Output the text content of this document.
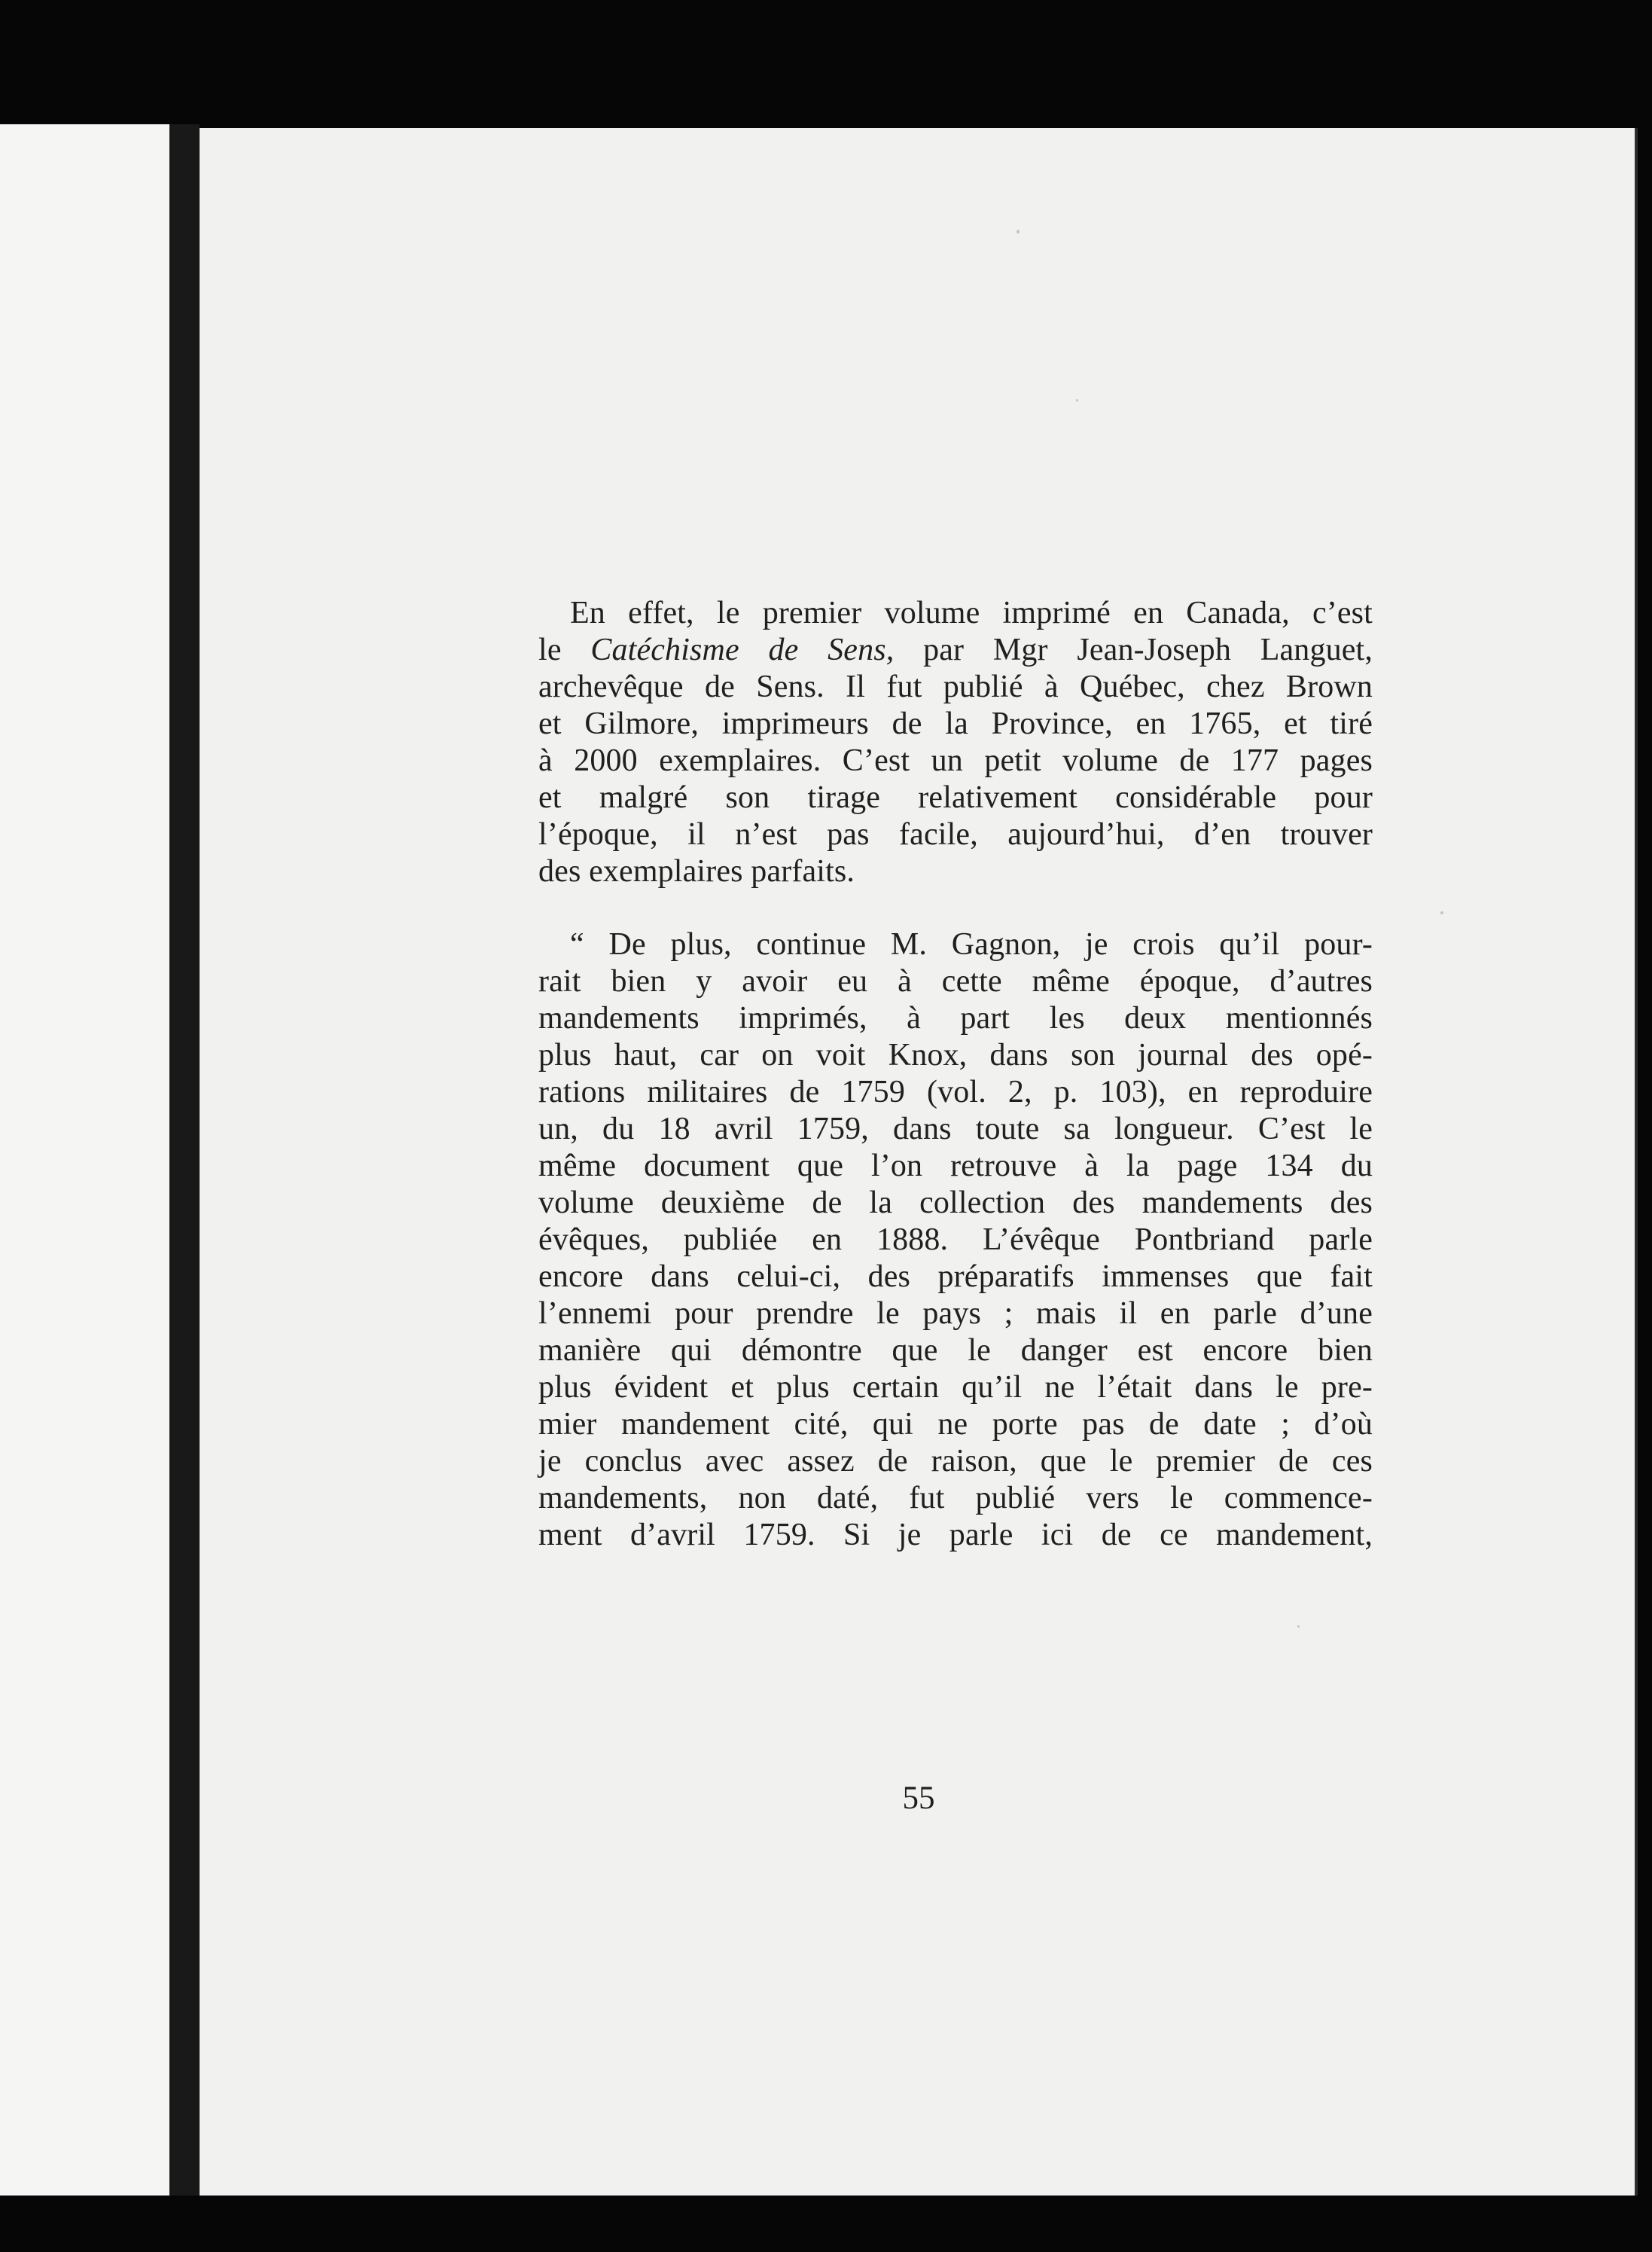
En effet, le premier volume imprimé en Canada, c’est
le Catéchisme de Sens, par Mgr Jean-Joseph Languet,
archevêque de Sens. Il fut publié à Québec, chez Brown
et Gilmore, imprimeurs de la Province, en 1765, et tiré
à 2000 exemplaires. C’est un petit volume de 177 pages
et malgré son tirage relativement considérable pour
l’époque, il n’est pas facile, aujourd’hui, d’en trouver
des exemplaires parfaits.

“ De plus, continue M. Gagnon, je crois qu’il pour-
rait bien y avoir eu à cette même époque, d’autres
mandements imprimés, à part les deux mentionnés
plus haut, car on voit Knox, dans son journal des opé-
rations militaires de 1759 (vol. 2, p. 103), en reproduire
un, du 18 avril 1759, dans toute sa longueur. C’est le
même document que l’on retrouve à la page 134 du
volume deuxième de la collection des mandements des
évêques, publiée en 1888. L’évêque Pontbriand parle
encore dans celui-ci, des préparatifs immenses que fait
l’ennemi pour prendre le pays ; mais il en parle d’une
manière qui démontre que le danger est encore bien
plus évident et plus certain qu’il ne l’était dans le pre-
mier mandement cité, qui ne porte pas de date ; d’où
je conclus avec assez de raison, que le premier de ces
mandements, non daté, fut publié vers le commence-
ment d’avril 1759. Si je parle ici de ce mandement,

55
